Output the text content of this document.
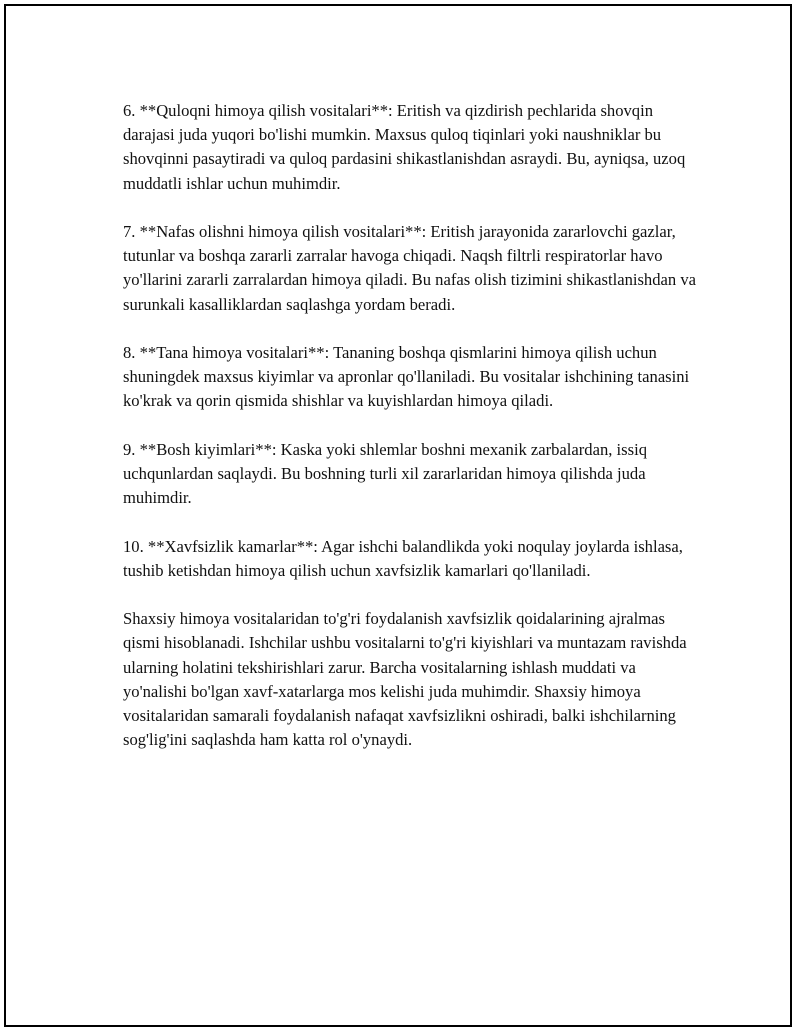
6. **Quloqni himoya qilish vositalari**: Eritish va qizdirish pechlarida shovqin darajasi juda yuqori bo'lishi mumkin. Maxsus quloq tiqinlari yoki naushniklar bu shovqinni pasaytiradi va quloq pardasini shikastlanishdan asraydi. Bu, ayniqsa, uzoq muddatli ishlar uchun muhimdir.

7. **Nafas olishni himoya qilish vositalari**: Eritish jarayonida zararlovchi gazlar, tutunlar va boshqa zararli zarralar havoga chiqadi. Naqsh filtrli respiratorlar havo yo'llarini zararli zarralardan himoya qiladi. Bu nafas olish tizimini shikastlanishdan va surunkali kasalliklardan saqlashga yordam beradi.

8. **Tana himoya vositalari**: Tananing boshqa qismlarini himoya qilish uchun shuningdek maxsus kiyimlar va apronlar qo'llaniladi. Bu vositalar ishchining tanasini ko'krak va qorin qismida shishlar va kuyishlardan himoya qiladi.

9. **Bosh kiyimlari**: Kaska yoki shlemlar boshni mexanik zarbalardan, issiq uchqunlardan saqlaydi. Bu boshning turli xil zararlaridan himoya qilishda juda muhimdir.

10. **Xavfsizlik kamarlar**: Agar ishchi balandlikda yoki noqulay joylarda ishlasa, tushib ketishdan himoya qilish uchun xavfsizlik kamarlari qo'llaniladi.

Shaxsiy himoya vositalaridan to'g'ri foydalanish xavfsizlik qoidalarining ajralmas qismi hisoblanadi. Ishchilar ushbu vositalarni to'g'ri kiyishlari va muntazam ravishda ularning holatini tekshirishlari zarur. Barcha vositalarning ishlash muddati va yo'nalishi bo'lgan xavf-xatarlarga mos kelishi juda muhimdir. Shaxsiy himoya vositalaridan samarali foydalanish nafaqat xavfsizlikni oshiradi, balki ishchilarning sog'lig'ini saqlashda ham katta rol o'ynaydi.
